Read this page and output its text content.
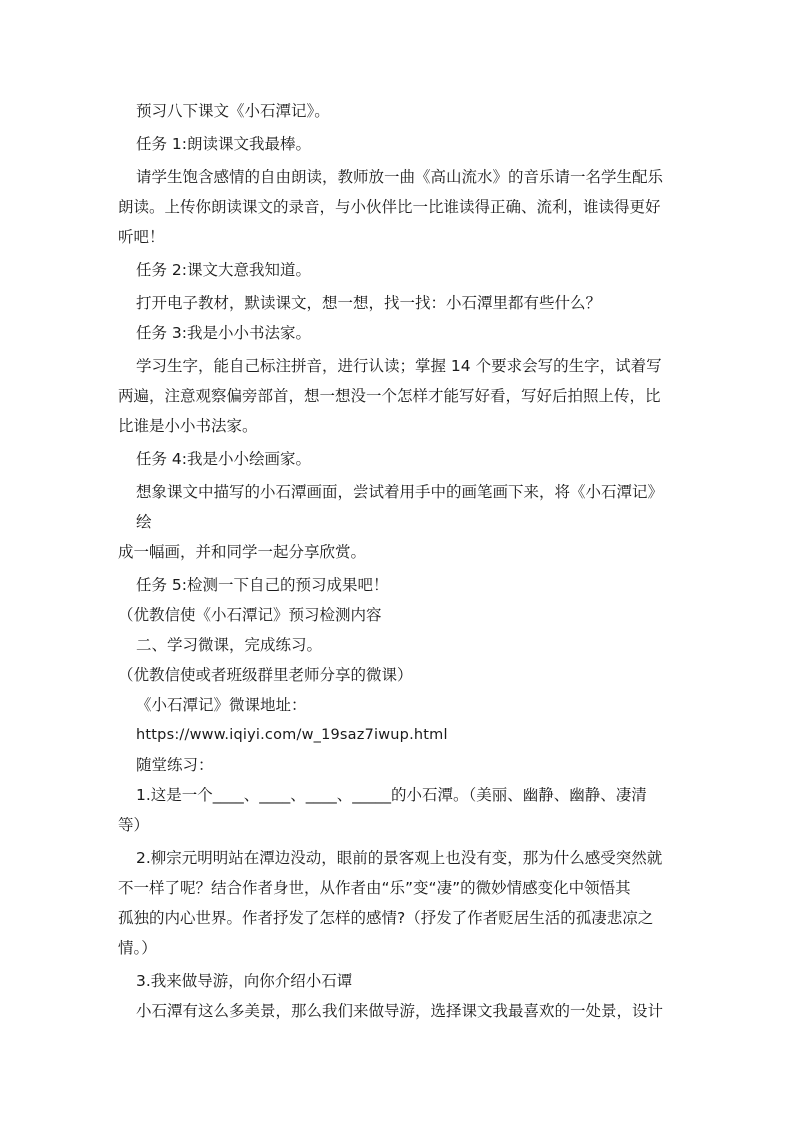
预习八下课文《小石潭记》。

任务 1:朗读课文我最棒。

请学生饱含感情的自由朗读，教师放一曲《高山流水》的音乐请一名学生配乐
朗读。上传你朗读课文的录音，与小伙伴比一比谁读得正确、流利，谁读得更好
听吧！

任务 2:课文大意我知道。

打开电子教材，默读课文，想一想，找一找：小石潭里都有些什么？

任务 3:我是小小书法家。

学习生字，能自己标注拼音，进行认读；掌握 14 个要求会写的生字，试着写
两遍，注意观察偏旁部首，想一想没一个怎样才能写好看，写好后拍照上传，比
比谁是小小书法家。

任务 4:我是小小绘画家。

想象课文中描写的小石潭画面，尝试着用手中的画笔画下来，将《小石潭记》绘
成一幅画，并和同学一起分享欣赏。

任务 5:检测一下自己的预习成果吧！

（优教信使《小石潭记》预习检测内容

二、学习微课，完成练习。

（优教信使或者班级群里老师分享的微课）

《小石潭记》微课地址：

https://www.iqiyi.com/w_19saz7iwup.html

随堂练习：

1.这是一个____、____、____、_____的小石潭。（美丽、幽静、幽静、凄清
等）
2.柳宗元明明站在潭边没动，眼前的景客观上也没有变，那为什么感受突然就
不一样了呢？结合作者身世，从作者由“乐”变“凄”的微妙情感变化中领悟其
孤独的内心世界。作者抒发了怎样的感情?（抒发了作者贬居生活的孤凄悲凉之
情。）

3.我来做导游，向你介绍小石谭

小石潭有这么多美景，那么我们来做导游，选择课文我最喜欢的一处景，设计
